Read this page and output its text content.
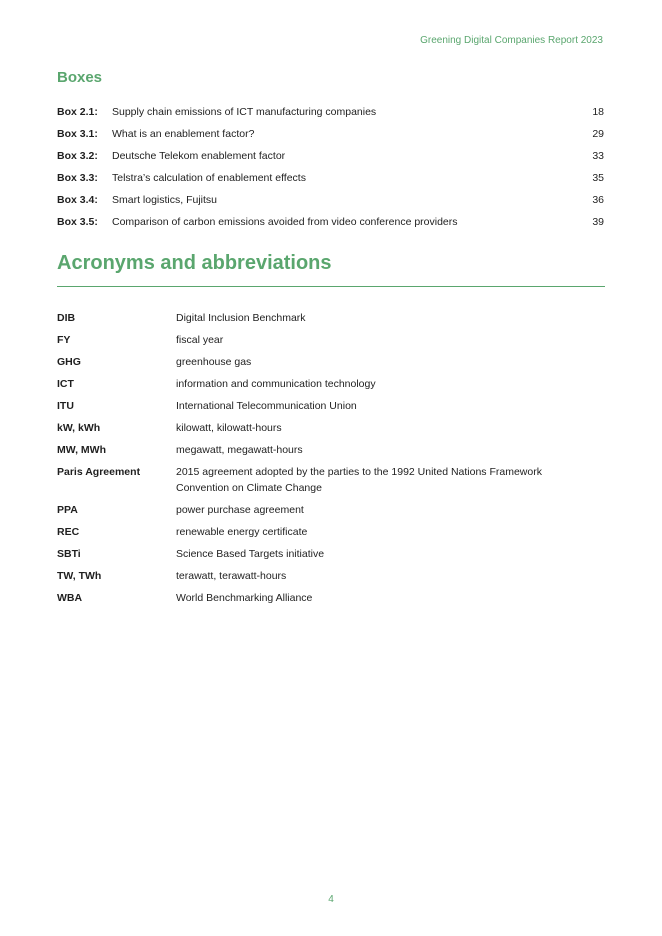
Greening Digital Companies Report 2023
Boxes
Box 2.1:	Supply chain emissions of ICT manufacturing companies	18
Box 3.1:	What is an enablement factor?	29
Box 3.2:	Deutsche Telekom enablement factor	33
Box 3.3:	Telstra’s calculation of enablement effects	35
Box 3.4:	Smart logistics, Fujitsu	36
Box 3.5:	Comparison of carbon emissions avoided from video conference providers	39
Acronyms and abbreviations
DIB	Digital Inclusion Benchmark
FY	fiscal year
GHG	greenhouse gas
ICT	information and communication technology
ITU	International Telecommunication Union
kW, kWh	kilowatt, kilowatt-hours
MW, MWh	megawatt, megawatt-hours
Paris Agreement	2015 agreement adopted by the parties to the 1992 United Nations Framework Convention on Climate Change
PPA	power purchase agreement
REC	renewable energy certificate
SBTi	Science Based Targets initiative
TW, TWh	terawatt, terawatt-hours
WBA	World Benchmarking Alliance
4
